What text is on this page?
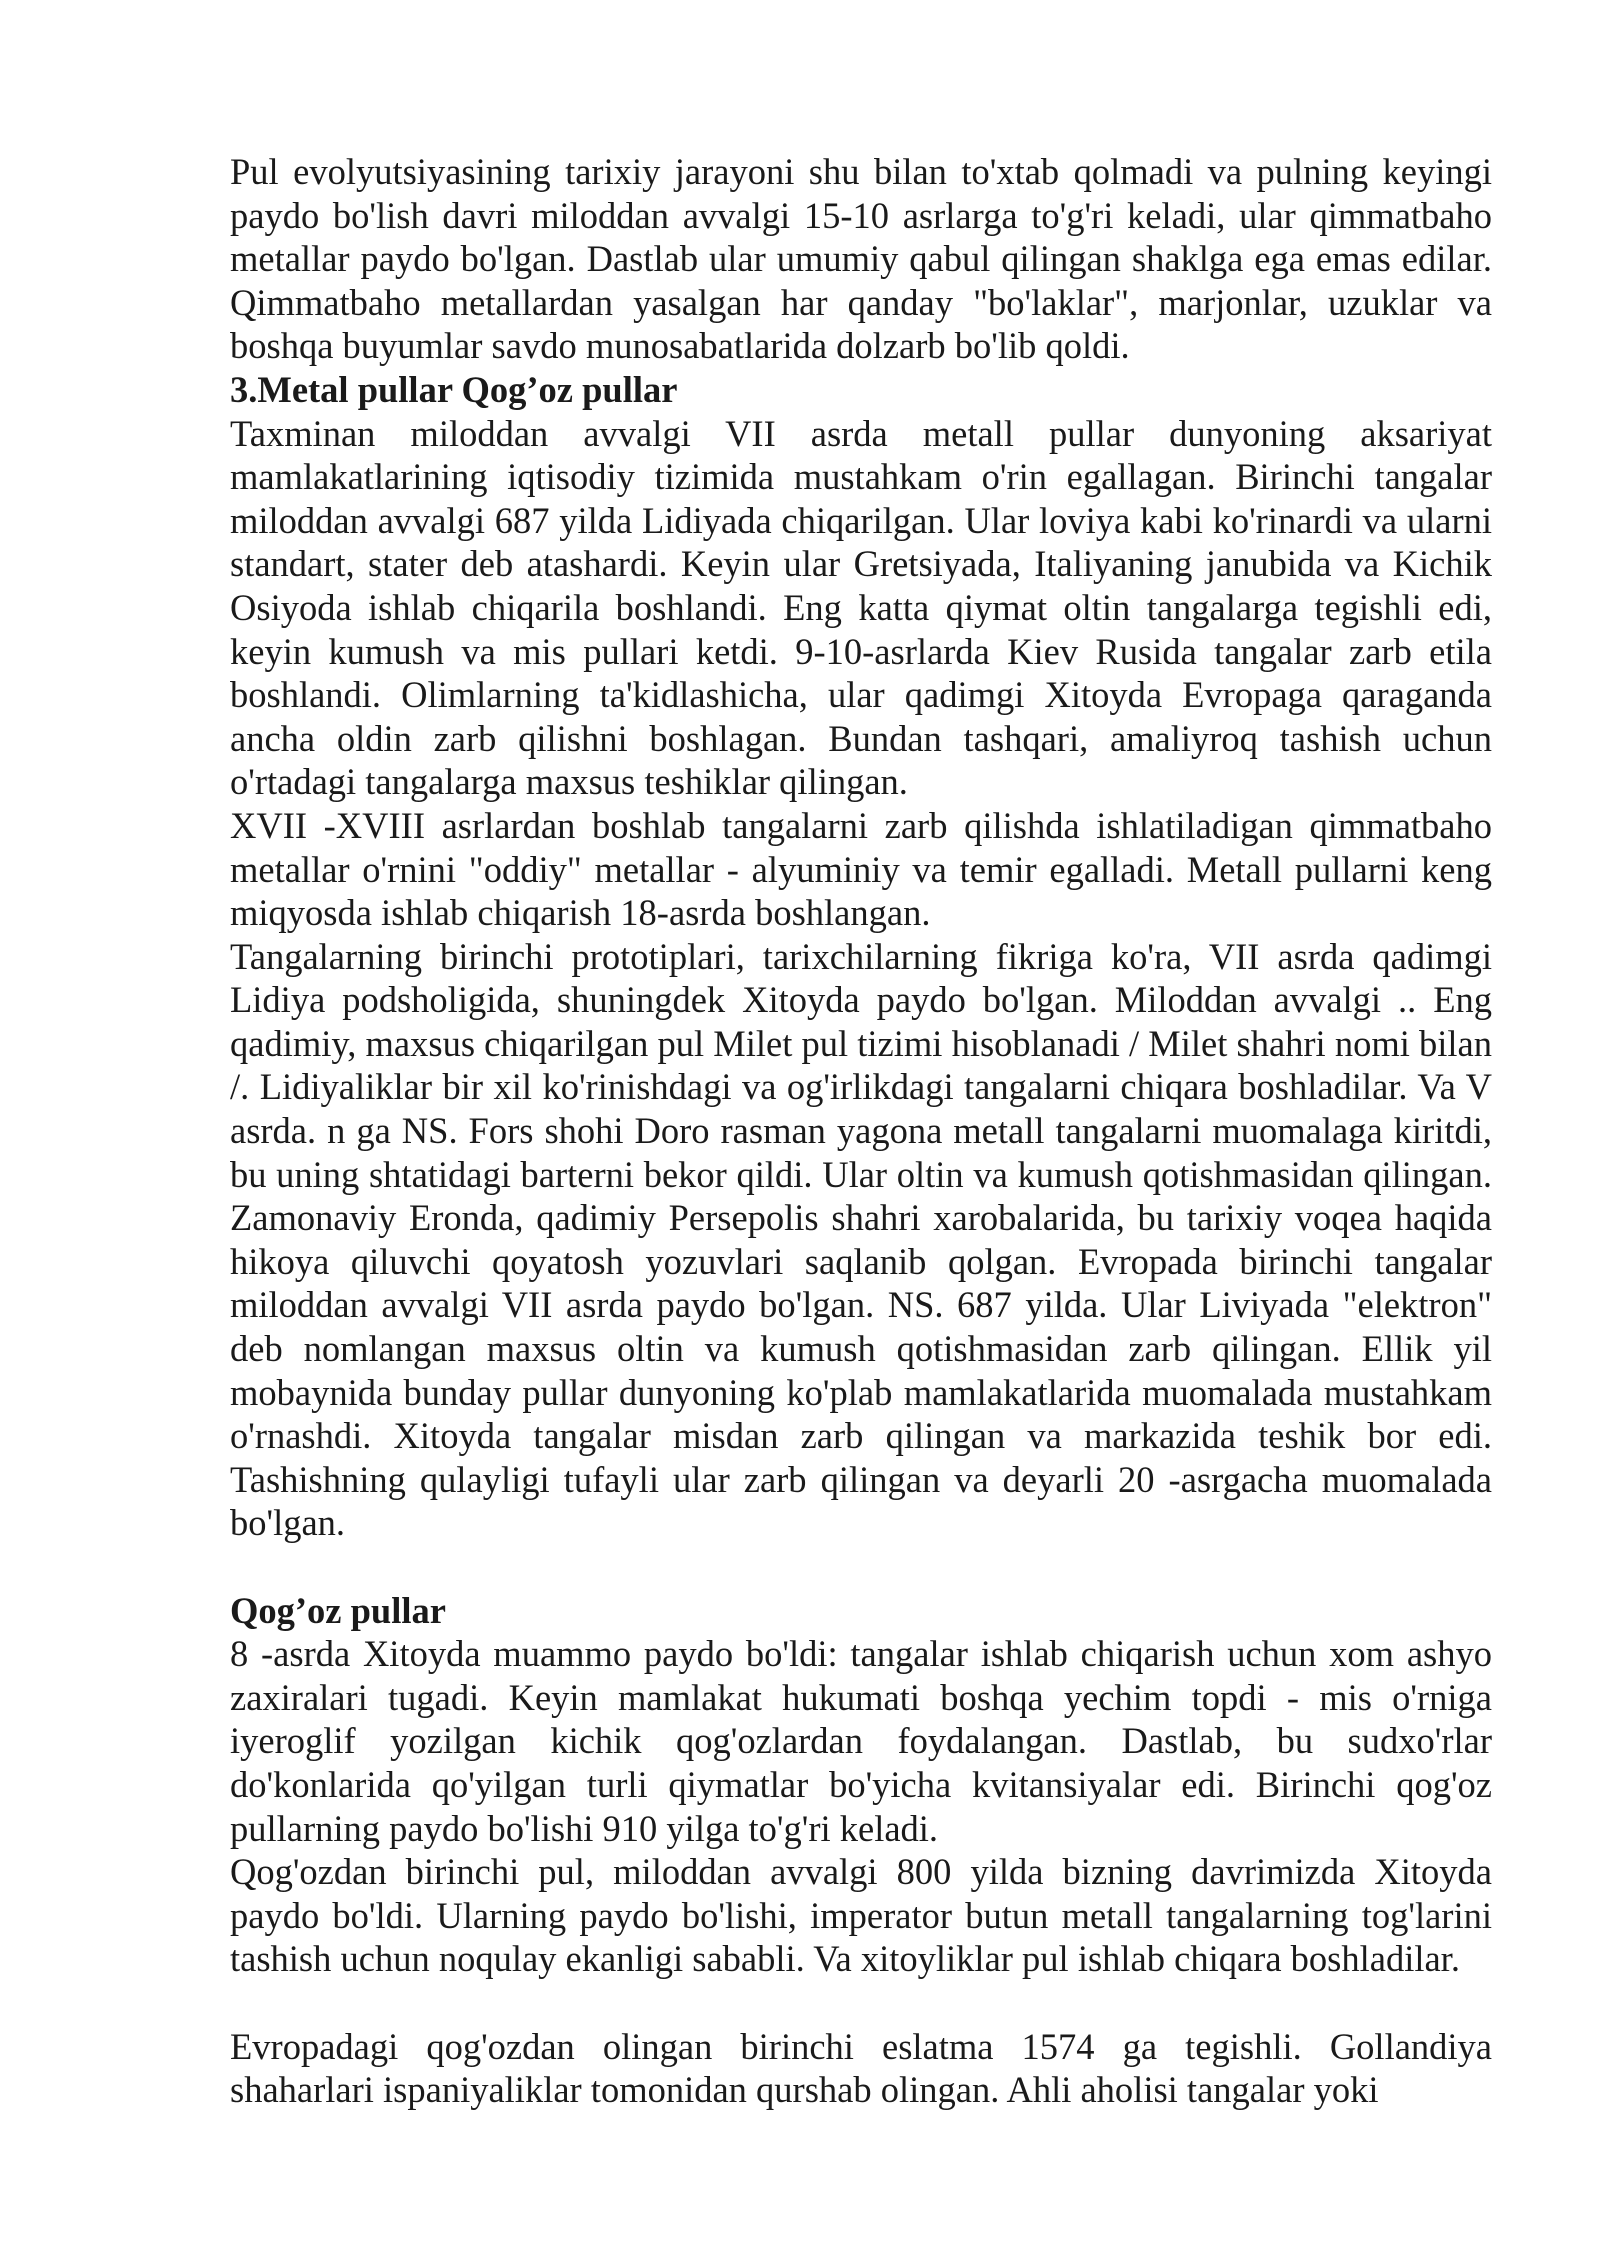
Pul evolyutsiyasining tarixiy jarayoni shu bilan to'xtab qolmadi va pulning keyingi paydo bo'lish davri miloddan avvalgi 15-10 asrlarga to'g'ri keladi, ular qimmatbaho metallar paydo bo'lgan. Dastlab ular umumiy qabul qilingan shaklga ega emas edilar. Qimmatbaho metallardan yasalgan har qanday "bo'laklar", marjonlar, uzuklar va boshqa buyumlar savdo munosabatlarida dolzarb bo'lib qoldi.

3.Metal pullar Qog’oz pullar

Taxminan miloddan avvalgi VII asrda metall pullar dunyoning aksariyat mamlakatlarining iqtisodiy tizimida mustahkam o'rin egallagan. Birinchi tangalar miloddan avvalgi 687 yilda Lidiyada chiqarilgan. Ular loviya kabi ko'rinardi va ularni standart, stater deb atashardi. Keyin ular Gretsiyada, Italiyaning janubida va Kichik Osiyoda ishlab chiqarila boshlandi. Eng katta qiymat oltin tangalarga tegishli edi, keyin kumush va mis pullari ketdi. 9-10-asrlarda Kiev Rusida tangalar zarb etila boshlandi. Olimlarning ta'kidlashicha, ular qadimgi Xitoyda Evropaga qaraganda ancha oldin zarb qilishni boshlagan. Bundan tashqari, amaliyroq tashish uchun o'rtadagi tangalarga maxsus teshiklar qilingan.

XVII -XVIII asrlardan boshlab tangalarni zarb qilishda ishlatiladigan qimmatbaho metallar o'rnini "oddiy" metallar - alyuminiy va temir egalladi. Metall pullarni keng miqyosda ishlab chiqarish 18-asrda boshlangan.

Tangalarning birinchi prototiplari, tarixchilarning fikriga ko'ra, VII asrda qadimgi Lidiya podsholigida, shuningdek Xitoyda paydo bo'lgan. Miloddan avvalgi .. Eng qadimiy, maxsus chiqarilgan pul Milet pul tizimi hisoblanadi / Milet shahri nomi bilan /. Lidiyaliklar bir xil ko'rinishdagi va og'irlikdagi tangalarni chiqara boshladilar. Va V asrda. n ga NS. Fors shohi Doro rasman yagona metall tangalarni muomalaga kiritdi, bu uning shtatidagi barterni bekor qildi. Ular oltin va kumush qotishmasidan qilingan. Zamonaviy Eronda, qadimiy Persepolis shahri xarobalarida, bu tarixiy voqea haqida hikoya qiluvchi qoyatosh yozuvlari saqlanib qolgan. Evropada birinchi tangalar miloddan avvalgi VII asrda paydo bo'lgan. NS. 687 yilda. Ular Liviyada "elektron" deb nomlangan maxsus oltin va kumush qotishmasidan zarb qilingan. Ellik yil mobaynida bunday pullar dunyoning ko'plab mamlakatlarida muomalada mustahkam o'rnashdi. Xitoyda tangalar misdan zarb qilingan va markazida teshik bor edi. Tashishning qulayligi tufayli ular zarb qilingan va deyarli 20 -asrgacha muomalada bo'lgan.

Qog’oz pullar

8 -asrda Xitoyda muammo paydo bo'ldi: tangalar ishlab chiqarish uchun xom ashyo zaxiralari tugadi. Keyin mamlakat hukumati boshqa yechim topdi - mis o'rniga iyeroglif yozilgan kichik qog'ozlardan foydalangan. Dastlab, bu sudxo'rlar do'konlarida qo'yilgan turli qiymatlar bo'yicha kvitansiyalar edi. Birinchi qog'oz pullarning paydo bo'lishi 910 yilga to'g'ri keladi.

Qog'ozdan birinchi pul, miloddan avvalgi 800 yilda bizning davrimizda Xitoyda paydo bo'ldi. Ularning paydo bo'lishi, imperator butun metall tangalarning tog'larini tashish uchun noqulay ekanligi sababli. Va xitoyliklar pul ishlab chiqara boshladilar.

Evropadagi qog'ozdan olingan birinchi eslatma 1574 ga tegishli. Gollandiya shaharlari ispaniyaliklar tomonidan qurshab olingan. Ahli aholisi tangalar yoki
